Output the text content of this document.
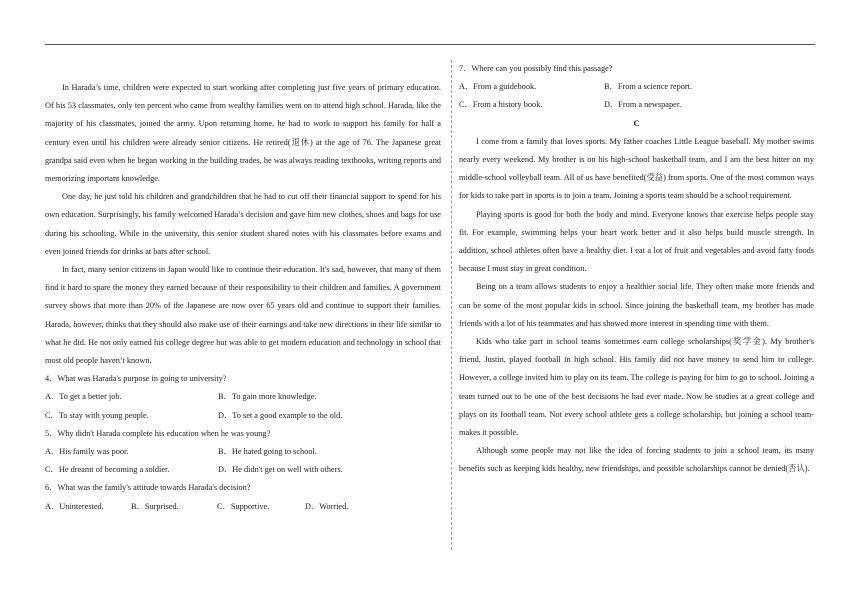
In Harada’s time, children were expected to start working after completing just five years of primary education. Of his 53 classmates, only ten percent who came from wealthy families went on to attend high school. Harada, like the majority of his classmates, joined the army. Upon returning home, he had to work to support his family for half a century even until his children were already senior citizens. He retired(退休) at the age of 76. The Japanese great grandpa said even when he began working in the building trades, he was always reading textbooks, writing reports and memorizing important knowledge.

One day, he just told his children and grandchildren that he had to cut off their financial support to spend for his own education. Surprisingly, his family welcomed Harada’s decision and gave him new clothes, shoes and bags for use during his schooling. While in the university, this senior student shared notes with his classmates before exams and even joined friends for drinks at bars after school.

In fact, many senior citizens in Japan would like to continue their education. It's sad, however, that many of them find it hard to spare the money they earned because of their responsibility to their children and families. A government survey shows that more than 20% of the Japanese are now over 65 years old and continue to support their families. Harada, however, thinks that they should also make use of their earnings and take new directions in their life similar to what he did. He not only earned his college degree but was able to get modern education and technology in school that most old people haven’t known.

4．What was Harada's purpose in going to university?

A．To get a better job.	B．To gain more knowledge.
C．To stay with young people.	D．To set a good example to the old.

5．Why didn't Harada complete his education when he was young?

A．His family was poor.	B．He hated going to school.
C．He dreamt of becoming a soldier.	D．He didn't get on well with others.

6．What was the family's attitude towards Harada's decision?

A．Uninterested.	B．Surprised.	C．Supportive.	D．Worried.

7．Where can you possibly find this passage?

A．From a guidebook.	B．From a science report.
C．From a history book.	D．From a newspaper.

C

I come from a family that loves sports. My father coaches Little League baseball. My mother swims nearly every weekend. My brother is on his high-school basketball team, and I am the best hitter on my middle-school volleyball team. All of us have benefited(受益) from sports. One of the most common ways for kids to take part in sports is to join a team. Joining a sports team should be a school requirement.

Playing sports is good for both the body and mind. Everyone knows that exercise helps people stay fit. For example, swimming helps your heart work better and it also helps build muscle strength. In addition, school athletes often have a healthy diet. I eat a lot of fruit and vegetables and avoid fatty foods because I must stay in great condition.

Being on a team allows students to enjoy a healthier social life. They often make more friends and can be some of the most popular kids in school. Since joining the basketball team, my brother has made friends with a lot of his teammates and has showed more interest in spending time with them.

Kids who take part in school teams sometimes earn college scholarships(奖学金). My brother's friend, Justin, played football in high school. His family did not have money to send him to college. However, a college invited him to play on its team. The college is paying for him to go to school. Joining a team turned out to be one of the best decisions he had ever made. Now he studies at a great college and plays on its football team. Not every school athlete gets a college scholarship, but joining a school team-makes it possible.

Although some people may not like the idea of forcing students to join a school team, its many benefits such as keeping kids healthy, new friendships, and possible scholarships cannot be denied(否认).
